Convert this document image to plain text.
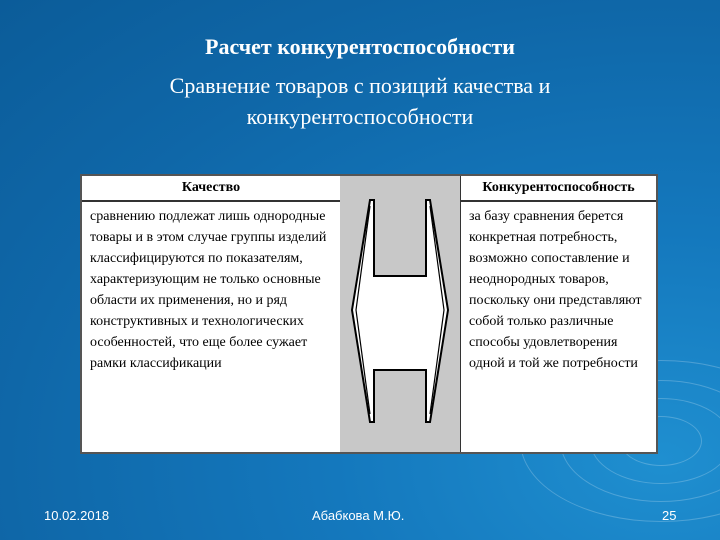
Расчет конкурентоспособности

Сравнение товаров с позиций качества и конкурентоспособности

Качество
сравнению подлежат лишь однородные товары и в этом случае группы изделий классифицируются по показателям, характеризующим не только основные области их применения, но и ряд конструктивных и технологических особенностей, что еще более сужает рамки классификации
Конкурентоспособность
за базу сравнения берется конкретная потребность, возможно сопоставление и неоднородных товаров, поскольку они представляют собой только различные способы удовлетворения одной и той же потребности
10.02.2018	Абабкова М.Ю.	25
